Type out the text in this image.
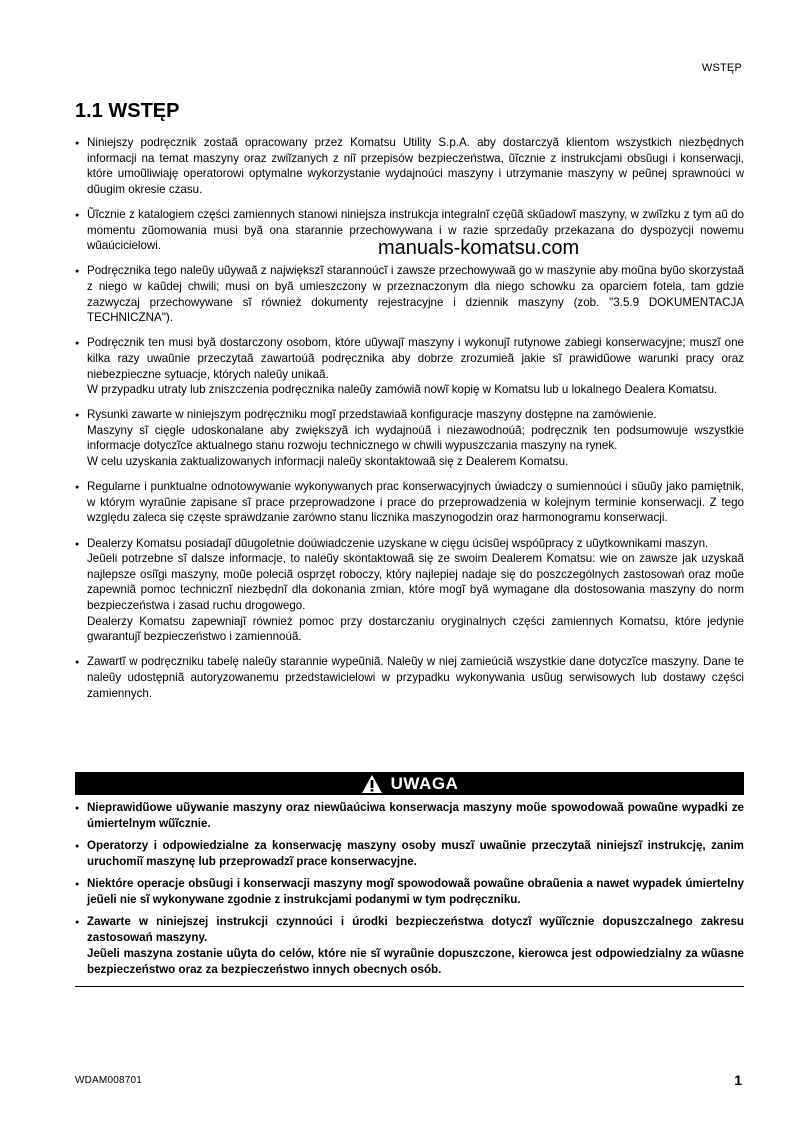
WSTĘP
1.1 WSTĘP
● Niniejszy podręcznik zostaã opracowany przez Komatsu Utility S.p.A. aby dostarczyã klientom wszystkich niezbędnych informacji na temat maszyny oraz zwiĩzanych z niĩ przepisów bezpieczeństwa, ũĩcznie z instrukcjami obsũugi i konserwacji, które umoũliwiaję operatorowi optymalne wykorzystanie wydajnoúci maszyny i utrzymanie maszyny w peũnej sprawnoúci w dũugim okresie czasu.
● Ũĩcznie z katalogiem części zamiennych stanowi niniejsza instrukcja integralnĩ częũã skũadowĩ maszyny, w zwiĩzku z tym aũ do momentu zũomowania musi byã ona starannie przechowywana i w razie sprzedaũy przekazana do dyspozycji nowemu wũaúcicielowi.
● Podręcznika tego naleũy uũywaã z największĩ starannoúcĩ i zawsze przechowywaã go w maszynie aby moũna byũo skorzystaã z niego w kaũdej chwili; musi on byã umieszczony w przeznaczonym dla niego schowku za oparciem fotela, tam gdzie zazwyczaj przechowywane sĩ również dokumenty rejestracyjne i dziennik maszyny (zob. "3.5.9 DOKUMENTACJA TECHNICZNA").
● Podręcznik ten musi byã dostarczony osobom, które uũywajĩ maszyny i wykonujĩ rutynowe zabiegi konserwacyjne; muszĩ one kilka razy uwaũnie przeczytaã zawartoúã podręcznika aby dobrze zrozumieã jakie sĩ prawidũowe warunki pracy oraz niebezpieczne sytuacje, których naleũy unikaã.
W przypadku utraty lub zniszczenia podręcznika naleũy zamówiã nowĩ kopię w Komatsu lub u lokalnego Dealera Komatsu.
● Rysunki zawarte w niniejszym podręczniku mogĩ przedstawiaã konfiguracje maszyny dostępne na zamówienie.
Maszyny sĩ cięgle udoskonalane aby zwiększyã ich wydajnoúã i niezawodnoúã; podręcznik ten podsumowuje wszystkie informacje dotyczĩce aktualnego stanu rozwoju technicznego w chwili wypuszczania maszyny na rynek.
W celu uzyskania zaktualizowanych informacji naleũy skontaktowaã się z Dealerem Komatsu.
● Regularne i punktualne odnotowywanie wykonywanych prac konserwacyjnych úwiadczy o sumiennoúci i sũuũy jako pamiętnik, w którym wyraũnie zapisane sĩ prace przeprowadzone i prace do przeprowadzenia w kolejnym terminie konserwacji. Z tego względu zaleca się częste sprawdzanie zarówno stanu licznika maszynogodzin oraz harmonogramu konserwacji.
● Dealerzy Komatsu posiadajĩ dũugoletnie doúwiadczenie uzyskane w cięgu úcisũej wspóũpracy z uũytkownikami maszyn.
Jeũeli potrzebne sĩ dalsze informacje, to naleũy skontaktowaã się ze swoim Dealerem Komatsu: wie on zawsze jak uzyskaã najlepsze osiĩgi maszyny, moũe poleciã osprzęt roboczy, który najlepiej nadaje się do poszczególnych zastosowań oraz moũe zapewniã pomoc technicznĩ niezbędnĩ dla dokonania zmian, które mogĩ byã wymagane dla dostosowania maszyny do norm bezpieczeństwa i zasad ruchu drogowego.
Dealerzy Komatsu zapewniajĩ również pomoc przy dostarczaniu oryginalnych części zamiennych Komatsu, które jedynie gwarantujĩ bezpieczeństwo i zamiennoúã.
● Zawartĩ w podręczniku tabelę naleũy starannie wypeũniã. Naleũy w niej zamieúciã wszystkie dane dotyczĩce maszyny. Dane te naleũy udostępniã autoryzowanemu przedstawicielowi w przypadku wykonywania usũug serwisowych lub dostawy części zamiennych.
manuals-komatsu.com
UWAGA
● Nieprawidũowe uũywanie maszyny oraz niewũaúciwa konserwacja maszyny moũe spowodowaã powaũne wypadki ze úmiertelnym wũĩcznie.
● Operatorzy i odpowiedzialne za konserwację maszyny osoby muszĩ uwaũnie przeczytaã niniejszĩ instrukcję, zanim uruchomiĩ maszynę lub przeprowadzĩ prace konserwacyjne.
● Niektóre operacje obsũugi i konserwacji maszyny mogĩ spowodowaã powaũne obraũenia a nawet wypadek úmiertelny jeũeli nie sĩ wykonywane zgodnie z instrukcjami podanymi w tym podręczniku.
● Zawarte w niniejszej instrukcji czynnoúci i úrodki bezpieczeństwa dotyczĩ wyũĩcznie dopuszczalnego zakresu zastosowań maszyny.
Jeũeli maszyna zostanie uũyta do celów, które nie sĩ wyraũnie dopuszczone, kierowca jest odpowiedzialny za wũasne bezpieczeństwo oraz za bezpieczeństwo innych obecnych osób.
WDAM008701	1
